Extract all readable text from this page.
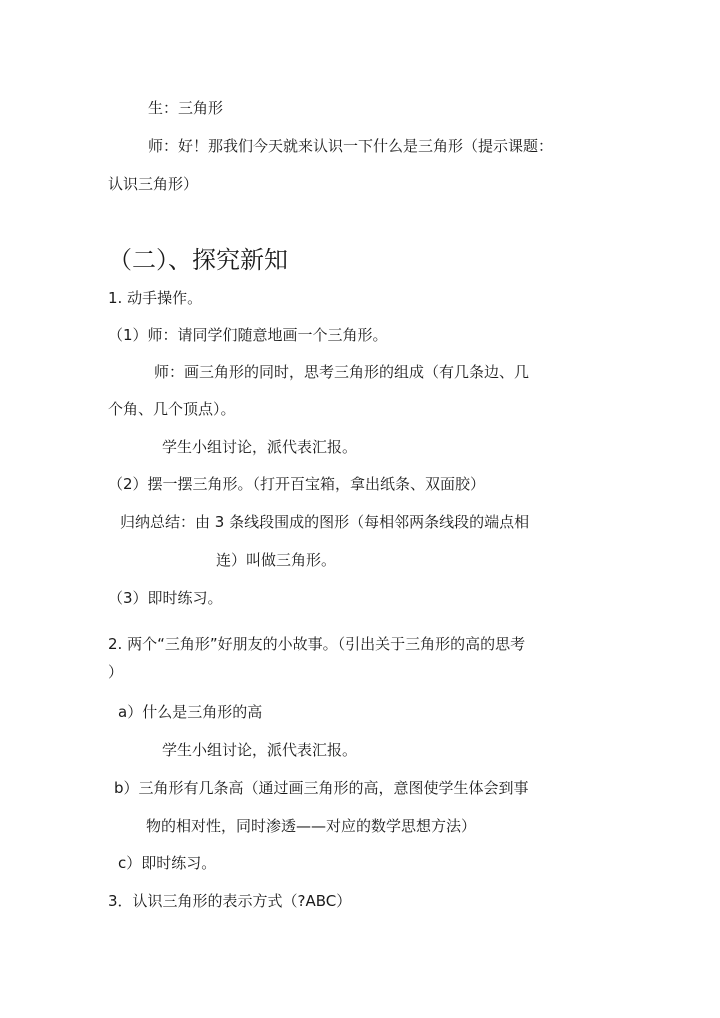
生：三角形
师：好！那我们今天就来认识一下什么是三角形（提示课题：
认识三角形）
（二）、探究新知
1. 动手操作。
（1）师：请同学们随意地画一个三角形。
师：画三角形的同时，思考三角形的组成（有几条边、几
个角、几个顶点）。
学生小组讨论，派代表汇报。
（2）摆一摆三角形。（打开百宝箱，拿出纸条、双面胶）
归纳总结：由 3 条线段围成的图形（每相邻两条线段的端点相
连）叫做三角形。
（3）即时练习。
2. 两个“三角形”好朋友的小故事。（引出关于三角形的高的思考
）
a）什么是三角形的高
学生小组讨论，派代表汇报。
b）三角形有几条高（通过画三角形的高，意图使学生体会到事
物的相对性，同时渗透——对应的数学思想方法）
c）即时练习。
3．认识三角形的表示方式（?ABC）
